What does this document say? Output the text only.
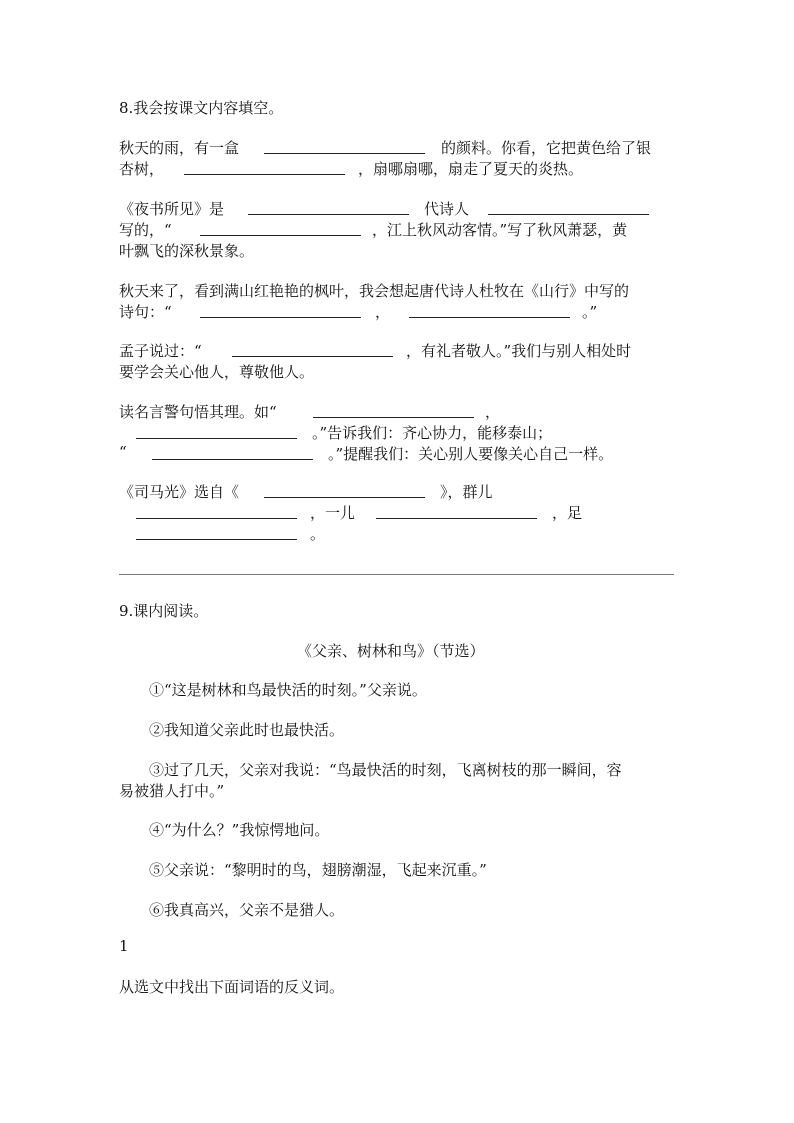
8.我会按课文内容填空。
秋天的雨，有一盒	的颜料。你看，它把黄色给了银
杏树，	，扇哪扇哪，扇走了夏天的炎热。
《夜书所见》是	代诗人
写的，“	，江上秋风动客情。”写了秋风萧瑟，黄
叶飘飞的深秋景象。
秋天来了，看到满山红艳艳的枫叶，我会想起唐代诗人杜牧在《山行》中写的
诗句：“	，	。”
孟子说过：“	，有礼者敬人。”我们与别人相处时
要学会关心他人，尊敬他人。
读名言警句悟其理。如“	，
。”告诉我们：齐心协力，能移泰山；
“	。”提醒我们：关心别人要像关心自己一样。
《司马光》选自《	》，群儿
，一儿	，足
。
9.课内阅读。
《父亲、树林和鸟》（节选）
①“这是树林和鸟最快活的时刻。”父亲说。
②我知道父亲此时也最快活。
③过了几天，父亲对我说：“鸟最快活的时刻，飞离树枝的那一瞬间，容
易被猎人打中。”
④“为什么？”我惊愕地问。
⑤父亲说：“黎明时的鸟，翅膀潮湿，飞起来沉重。”
⑥我真高兴，父亲不是猎人。
1
从选文中找出下面词语的反义词。
